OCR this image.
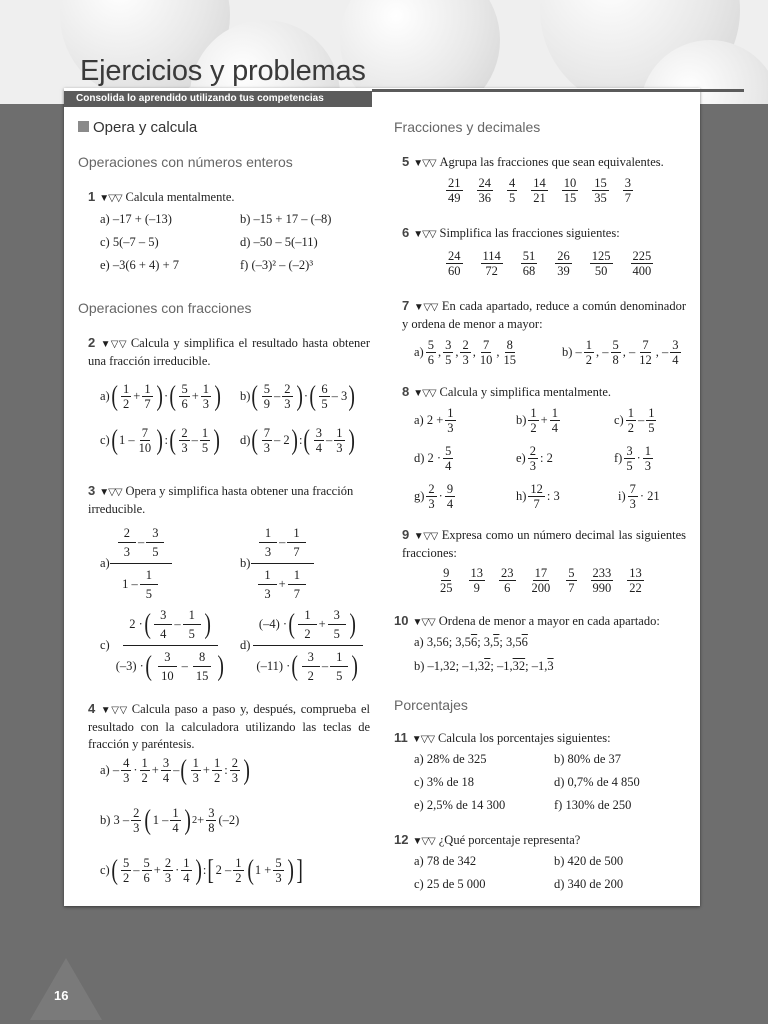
Ejercicios y problemas
Consolida lo aprendido utilizando tus competencias
Opera y calcula
Operaciones con números enteros
1 ▼▽▽ Calcula mentalmente.
a) –17 + (–13)	b) –15 + 17 – (–8)
c) 5(–7 – 5)	d) –50 – 5(–11)
e) –3(6 + 4) + 7	f) (–3)² – (–2)³
Operaciones con fracciones
2 ▼▽▽ Calcula y simplifica el resultado hasta obtener una fracción irreducible.
a) ( $\frac{1}{2} + \frac{1}{7}$ ) · ( $\frac{5}{6} + \frac{1}{3}$ ) b) ( $\frac{5}{9} - \frac{2}{3}$ ) · ( $\frac{6}{5} - 3$ )
c) ( $1 - \frac{7}{10}$ ) : ( $\frac{2}{3} - \frac{1}{5}$ ) d) ( $\frac{7}{3} - 2$ ) : ( $\frac{3}{4} - \frac{1}{3}$ )
3 ▼▽▽ Opera y simplifica hasta obtener una fracción irreducible.
a)
$\frac{2}{3} - \frac{3}{5}$
$1 - \frac{1}{5}$
b)
$\frac{1}{3} - \frac{1}{7}$
$\frac{1}{3} + \frac{1}{7}$
c)
2 · ( $\frac{3}{4} - \frac{1}{5}$ )
(–3) · ( $\frac{3}{10} - \frac{8}{15}$ )
d)
(–4) · ( $\frac{1}{2} + \frac{3}{5}$ )
(–11) · ( $\frac{3}{2} - \frac{1}{5}$ )
4 ▼▽▽ Calcula paso a paso y, después, comprueba el resultado con la calculadora utilizando las teclas de fracción y paréntesis.
$a) - \frac{4}{3} \cdot \frac{1}{2} + \frac{3}{4}$ – ( $\frac{1}{3} + \frac{1}{2}$ : $\frac{2}{3}$ )
b) $3 - \frac{2}{3}$ ( $1 - \frac{1}{4}$ ) $2 + \frac{3}{8} (-2)$
c) ( $\frac{5}{2} - \frac{5}{6} + \frac{2}{3} \cdot \frac{1}{4}$ ) : [ $2 - \frac{1}{2}$ ( $1 + \frac{5}{3}$ ) ]
Fracciones y decimales
5 ▼▽▽ Agrupa las fracciones que sean equivalentes.
$\frac{21}{49} \frac{24}{36} \frac{4}{5} \frac{14}{21} \frac{10}{15} \frac{15}{35} \frac{3}{7}$
6 ▼▽▽ Simplifica las fracciones siguientes:
$\frac{24}{60} \frac{114}{72} \frac{51}{68} \frac{26}{39} \frac{125}{50} \frac{225}{400}$
7 ▼▽▽ En cada apartado, reduce a común denominador y ordena de menor a mayor:
$a) \frac{5}{6}$ , $\frac{3}{5}$ , $\frac{2}{3}$ , $\frac{7}{10}$ , $\frac{8}{15}$	$b) - \frac{1}{2}$ , – $\frac{5}{8}$ , – $\frac{7}{12}$ , – $\frac{3}{4}$
8 ▼▽▽ Calcula y simplifica mentalmente.
a) $2 + \frac{1}{3}$	$b) \frac{1}{2} + \frac{1}{4}$	$c) \frac{1}{2} - \frac{1}{5}$
d) $2 \cdot \frac{5}{4}$	$e) \frac{2}{3}$ : 2	$f) \frac{3}{5} \cdot \frac{1}{3}$
$g) \frac{2}{3} \cdot \frac{9}{4}$	$h) \frac{12}{7}$ : 3	$i) \frac{7}{3} \cdot 21$
9 ▼▽▽ Expresa como un número decimal las siguientes fracciones:
$\frac{9}{25} \frac{13}{9} \frac{23}{6} \frac{17}{200} \frac{5}{7} \frac{233}{990} \frac{13}{22}$
10 ▼▽▽ Ordena de menor a mayor en cada apartado:
a) 3,56; 3,56; 3,5; 3,56
b) –1,32; –1,32; –1,32; –1,3
Porcentajes
11 ▼▽▽ Calcula los porcentajes siguientes:
a) 28% de 325	b) 80% de 37
c) 3% de 18	d) 0,7% de 4 850
e) 2,5% de 14 300	f) 130% de 250
12 ▼▽▽ ¿Qué porcentaje representa?
a) 78 de 342	b) 420 de 500
c) 25 de 5 000	d) 340 de 200
16
